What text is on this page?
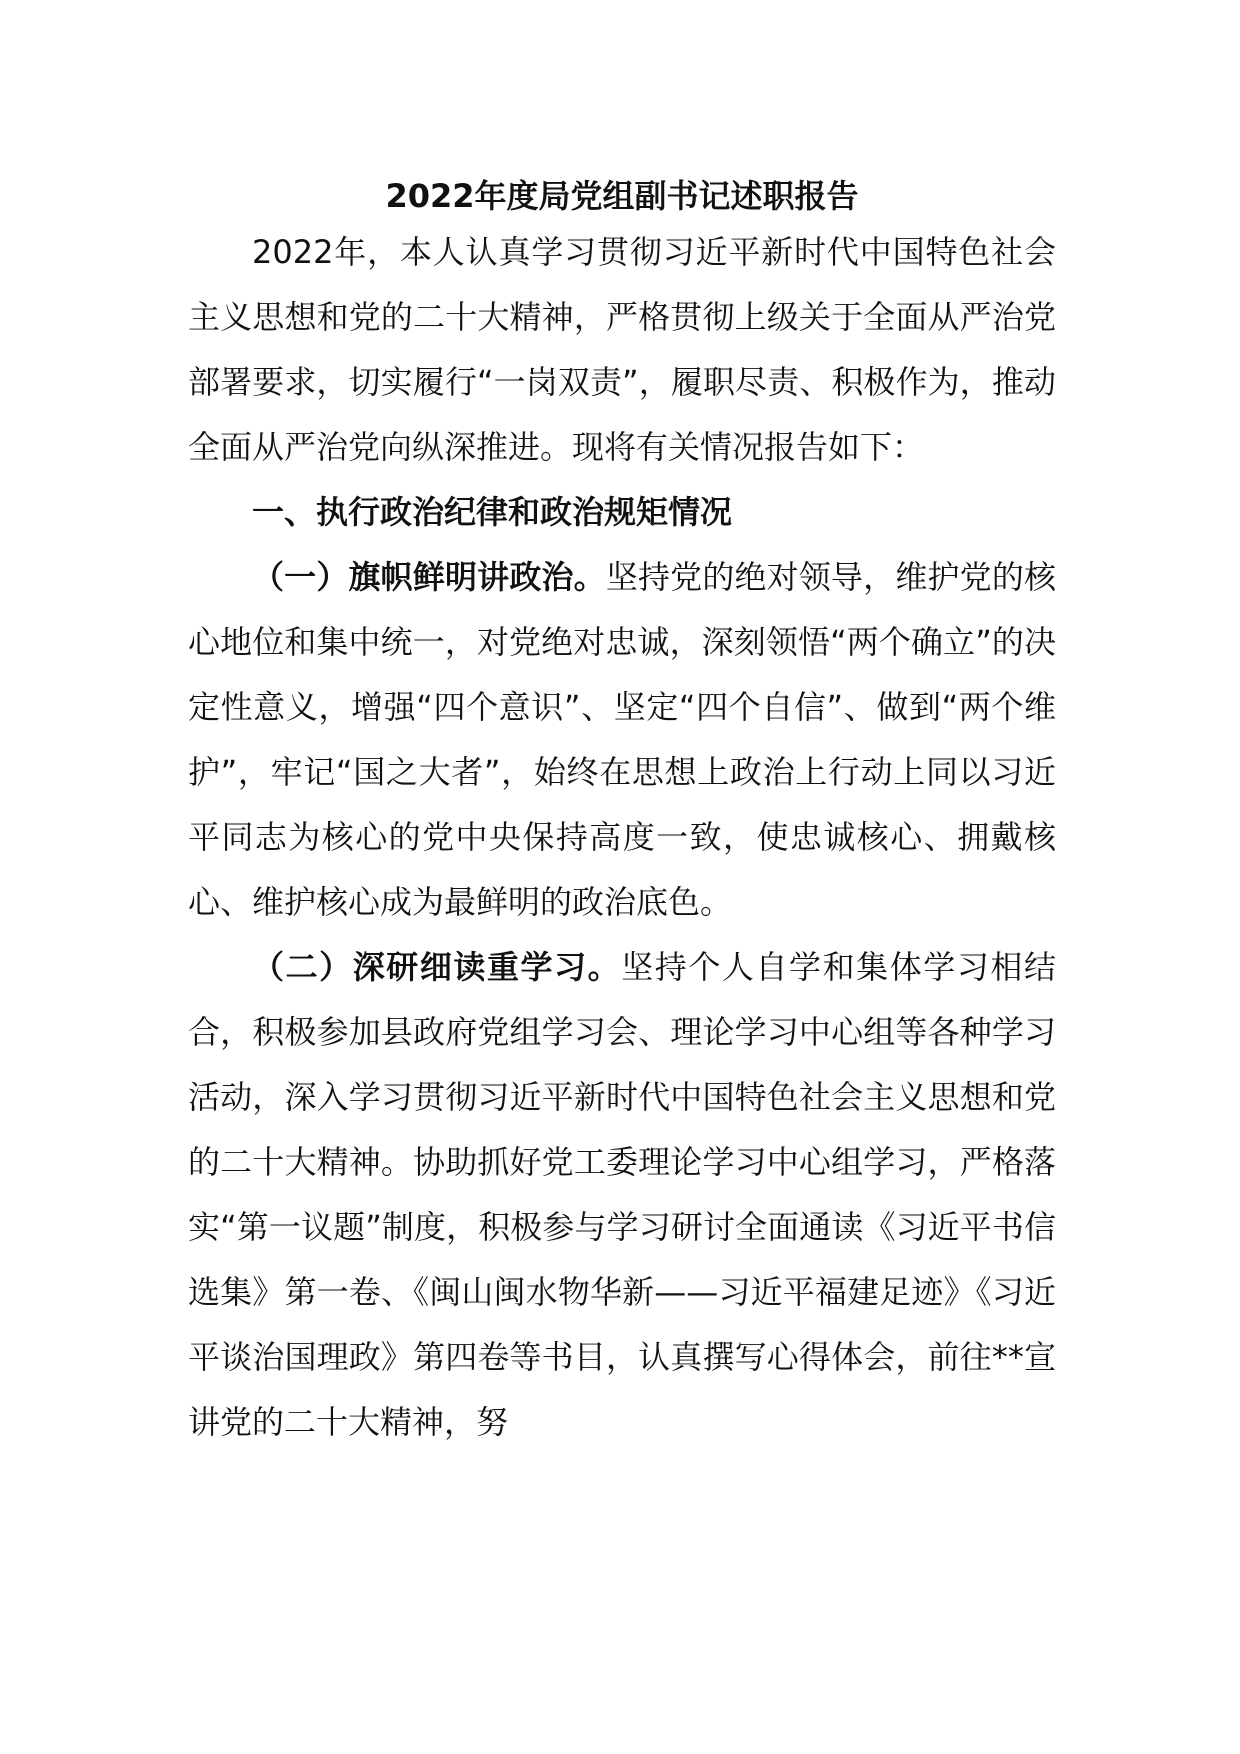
2022年度局党组副书记述职报告

2022年，本人认真学习贯彻习近平新时代中国特色社会主义思想和党的二十大精神，严格贯彻上级关于全面从严治党部署要求，切实履行“一岗双责”，履职尽责、积极作为，推动全面从严治党向纵深推进。现将有关情况报告如下：

一、执行政治纪律和政治规矩情况

（一）旗帜鲜明讲政治。坚持党的绝对领导，维护党的核心地位和集中统一，对党绝对忠诚，深刻领悟“两个确立”的决定性意义，增强“四个意识”、坚定“四个自信”、做到“两个维护”，牢记“国之大者”，始终在思想上政治上行动上同以习近平同志为核心的党中央保持高度一致，使忠诚核心、拥戴核心、维护核心成为最鲜明的政治底色。

（二）深研细读重学习。坚持个人自学和集体学习相结合，积极参加县政府党组学习会、理论学习中心组等各种学习活动，深入学习贯彻习近平新时代中国特色社会主义思想和党的二十大精神。协助抓好党工委理论学习中心组学习，严格落实“第一议题”制度，积极参与学习研讨全面通读《习近平书信选集》第一卷、《闽山闽水物华新——习近平福建足迹》《习近平谈治国理政》第四卷等书目，认真撰写心得体会，前往**宣讲党的二十大精神，努
